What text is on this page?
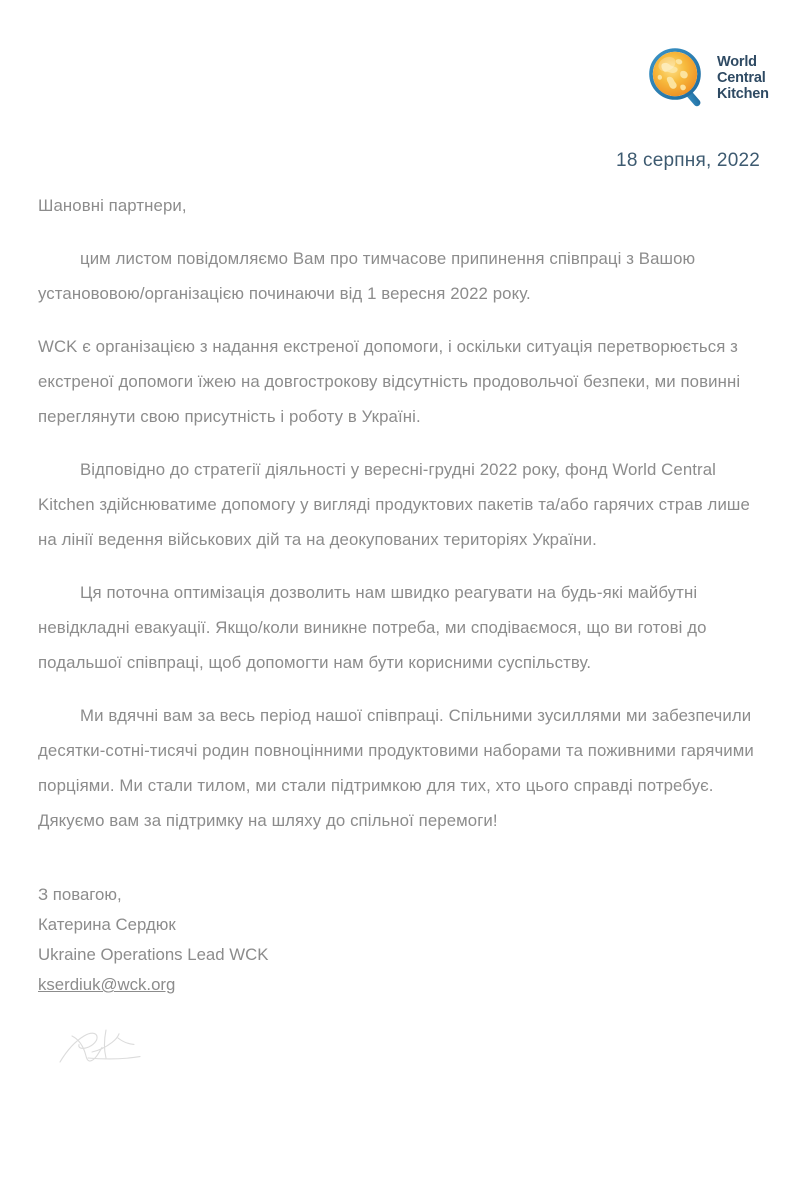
World
Central
Kitchen
18 серпня, 2022

Шановні партнери,

цим листом повідомляємо Вам про тимчасове припинення співпраці з Вашою установовою/організацією починаючи від 1 вересня 2022 року.

WCK є організацією з надання екстреної допомоги, і оскільки ситуація перетворюється з екстреної допомоги їжею на довгострокову відсутність продовольчої безпеки, ми повинні переглянути свою присутність і роботу в Україні.

Відповідно до стратегії діяльності у вересні-грудні 2022 року, фонд World Central Kitchen здійснюватиме допомогу у вигляді продуктових пакетів та/або гарячих страв лише на лінії ведення військових дій та на деокупованих територіях України.

Ця поточна оптимізація дозволить нам швидко реагувати на будь-які майбутні невідкладні евакуації. Якщо/коли виникне потреба, ми сподіваємося, що ви готові до подальшої співпраці, щоб допомогти нам бути корисними суспільству.

Ми вдячні вам за весь період нашої співпраці. Спільними зусиллями ми забезпечили десятки-сотні-тисячі родин повноцінними продуктовими наборами та поживними гарячими порціями. Ми стали тилом, ми стали підтримкою для тих, хто цього справді потребує. Дякуємо вам за підтримку на шляху до спільної перемоги!

З повагою,
Катерина Сердюк
Ukraine Operations Lead WCK
kserdiuk@wck.org
